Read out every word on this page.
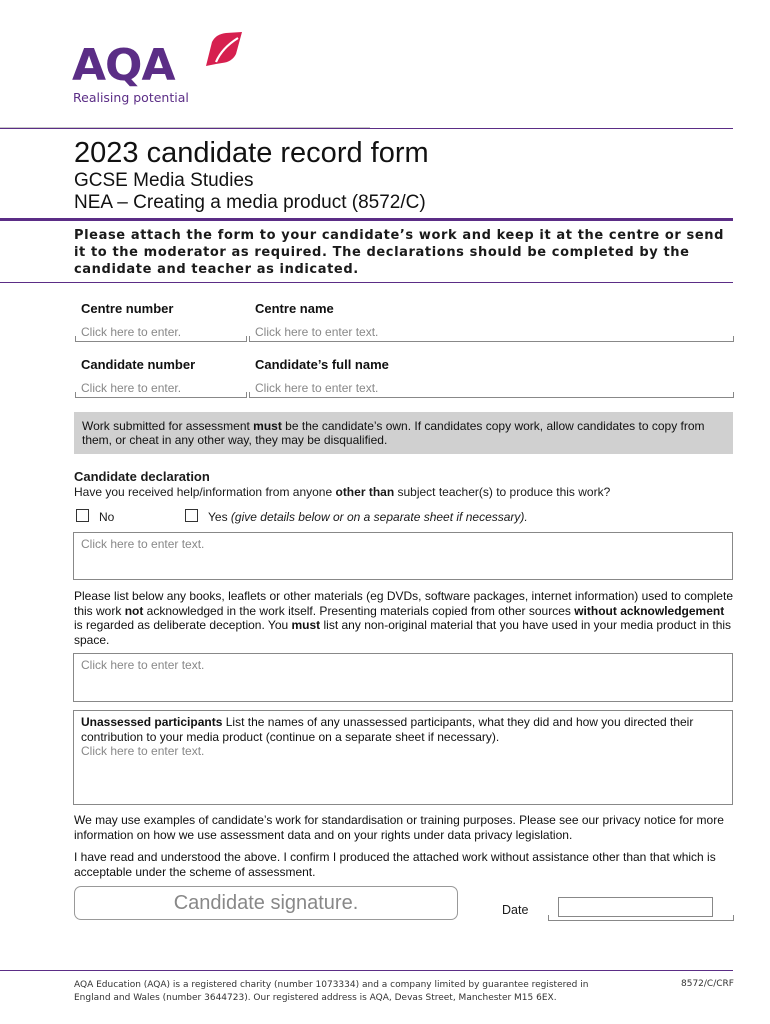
AQA
Realising potential
2023 candidate record form
GCSE Media Studies
NEA – Creating a media product (8572/C)
Please attach the form to your candidate’s work and keep it at the centre or send it to the moderator as required. The declarations should be completed by the candidate and teacher as indicated.
Centre number
Click here to enter.
Centre name
Click here to enter text.
Candidate number
Click here to enter.
Candidate’s full name
Click here to enter text.
Work submitted for assessment must be the candidate’s own. If candidates copy work, allow candidates to copy from them, or cheat in any other way, they may be disqualified.
Candidate declaration
Have you received help/information from anyone other than subject teacher(s) to produce this work?
No	Yes (give details below or on a separate sheet if necessary).
Click here to enter text.
Please list below any books, leaflets or other materials (eg DVDs, software packages, internet information) used to complete this work not acknowledged in the work itself. Presenting materials copied from other sources without acknowledgement is regarded as deliberate deception. You must list any non-original material that you have used in your media product in this space.
Click here to enter text.
Unassessed participants List the names of any unassessed participants, what they did and how you directed their contribution to your media product (continue on a separate sheet if necessary).
Click here to enter text.
We may use examples of candidate’s work for standardisation or training purposes. Please see our privacy notice for more information on how we use assessment data and on your rights under data privacy legislation.
I have read and understood the above. I confirm I produced the attached work without assistance other than that which is acceptable under the scheme of assessment.
Candidate signature.	Date
AQA Education (AQA) is a registered charity (number 1073334) and a company limited by guarantee registered in England and Wales (number 3644723). Our registered address is AQA, Devas Street, Manchester M15 6EX.
8572/C/CRF
